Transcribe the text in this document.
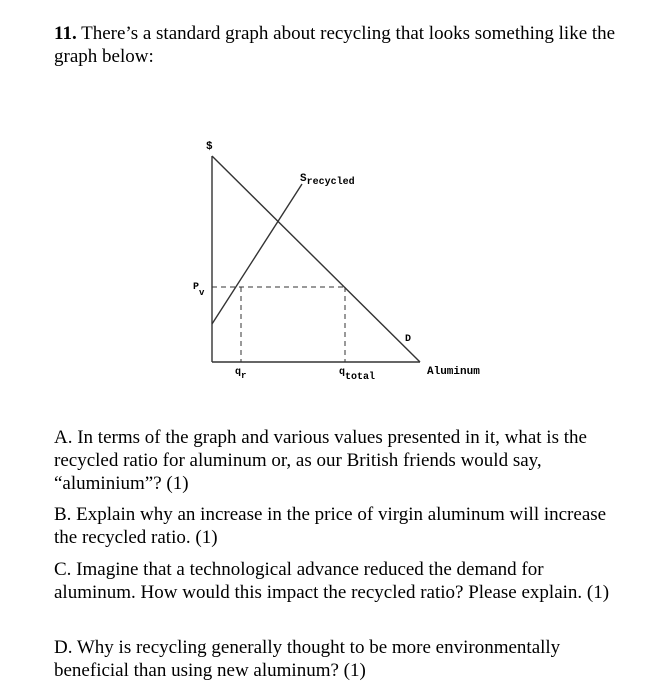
11. There’s a standard graph about recycling that looks something like the graph below:
$
Srecycled
Pv
D
qr	qtotal	Aluminum
A. In terms of the graph and various values presented in it, what is the recycled ratio for aluminum or, as our British friends would say, “aluminium”? (1)
B. Explain why an increase in the price of virgin aluminum will increase the recycled ratio. (1)
C. Imagine that a technological advance reduced the demand for aluminum. How would this impact the recycled ratio? Please explain. (1)
D. Why is recycling generally thought to be more environmentally beneficial than using new aluminum? (1)
